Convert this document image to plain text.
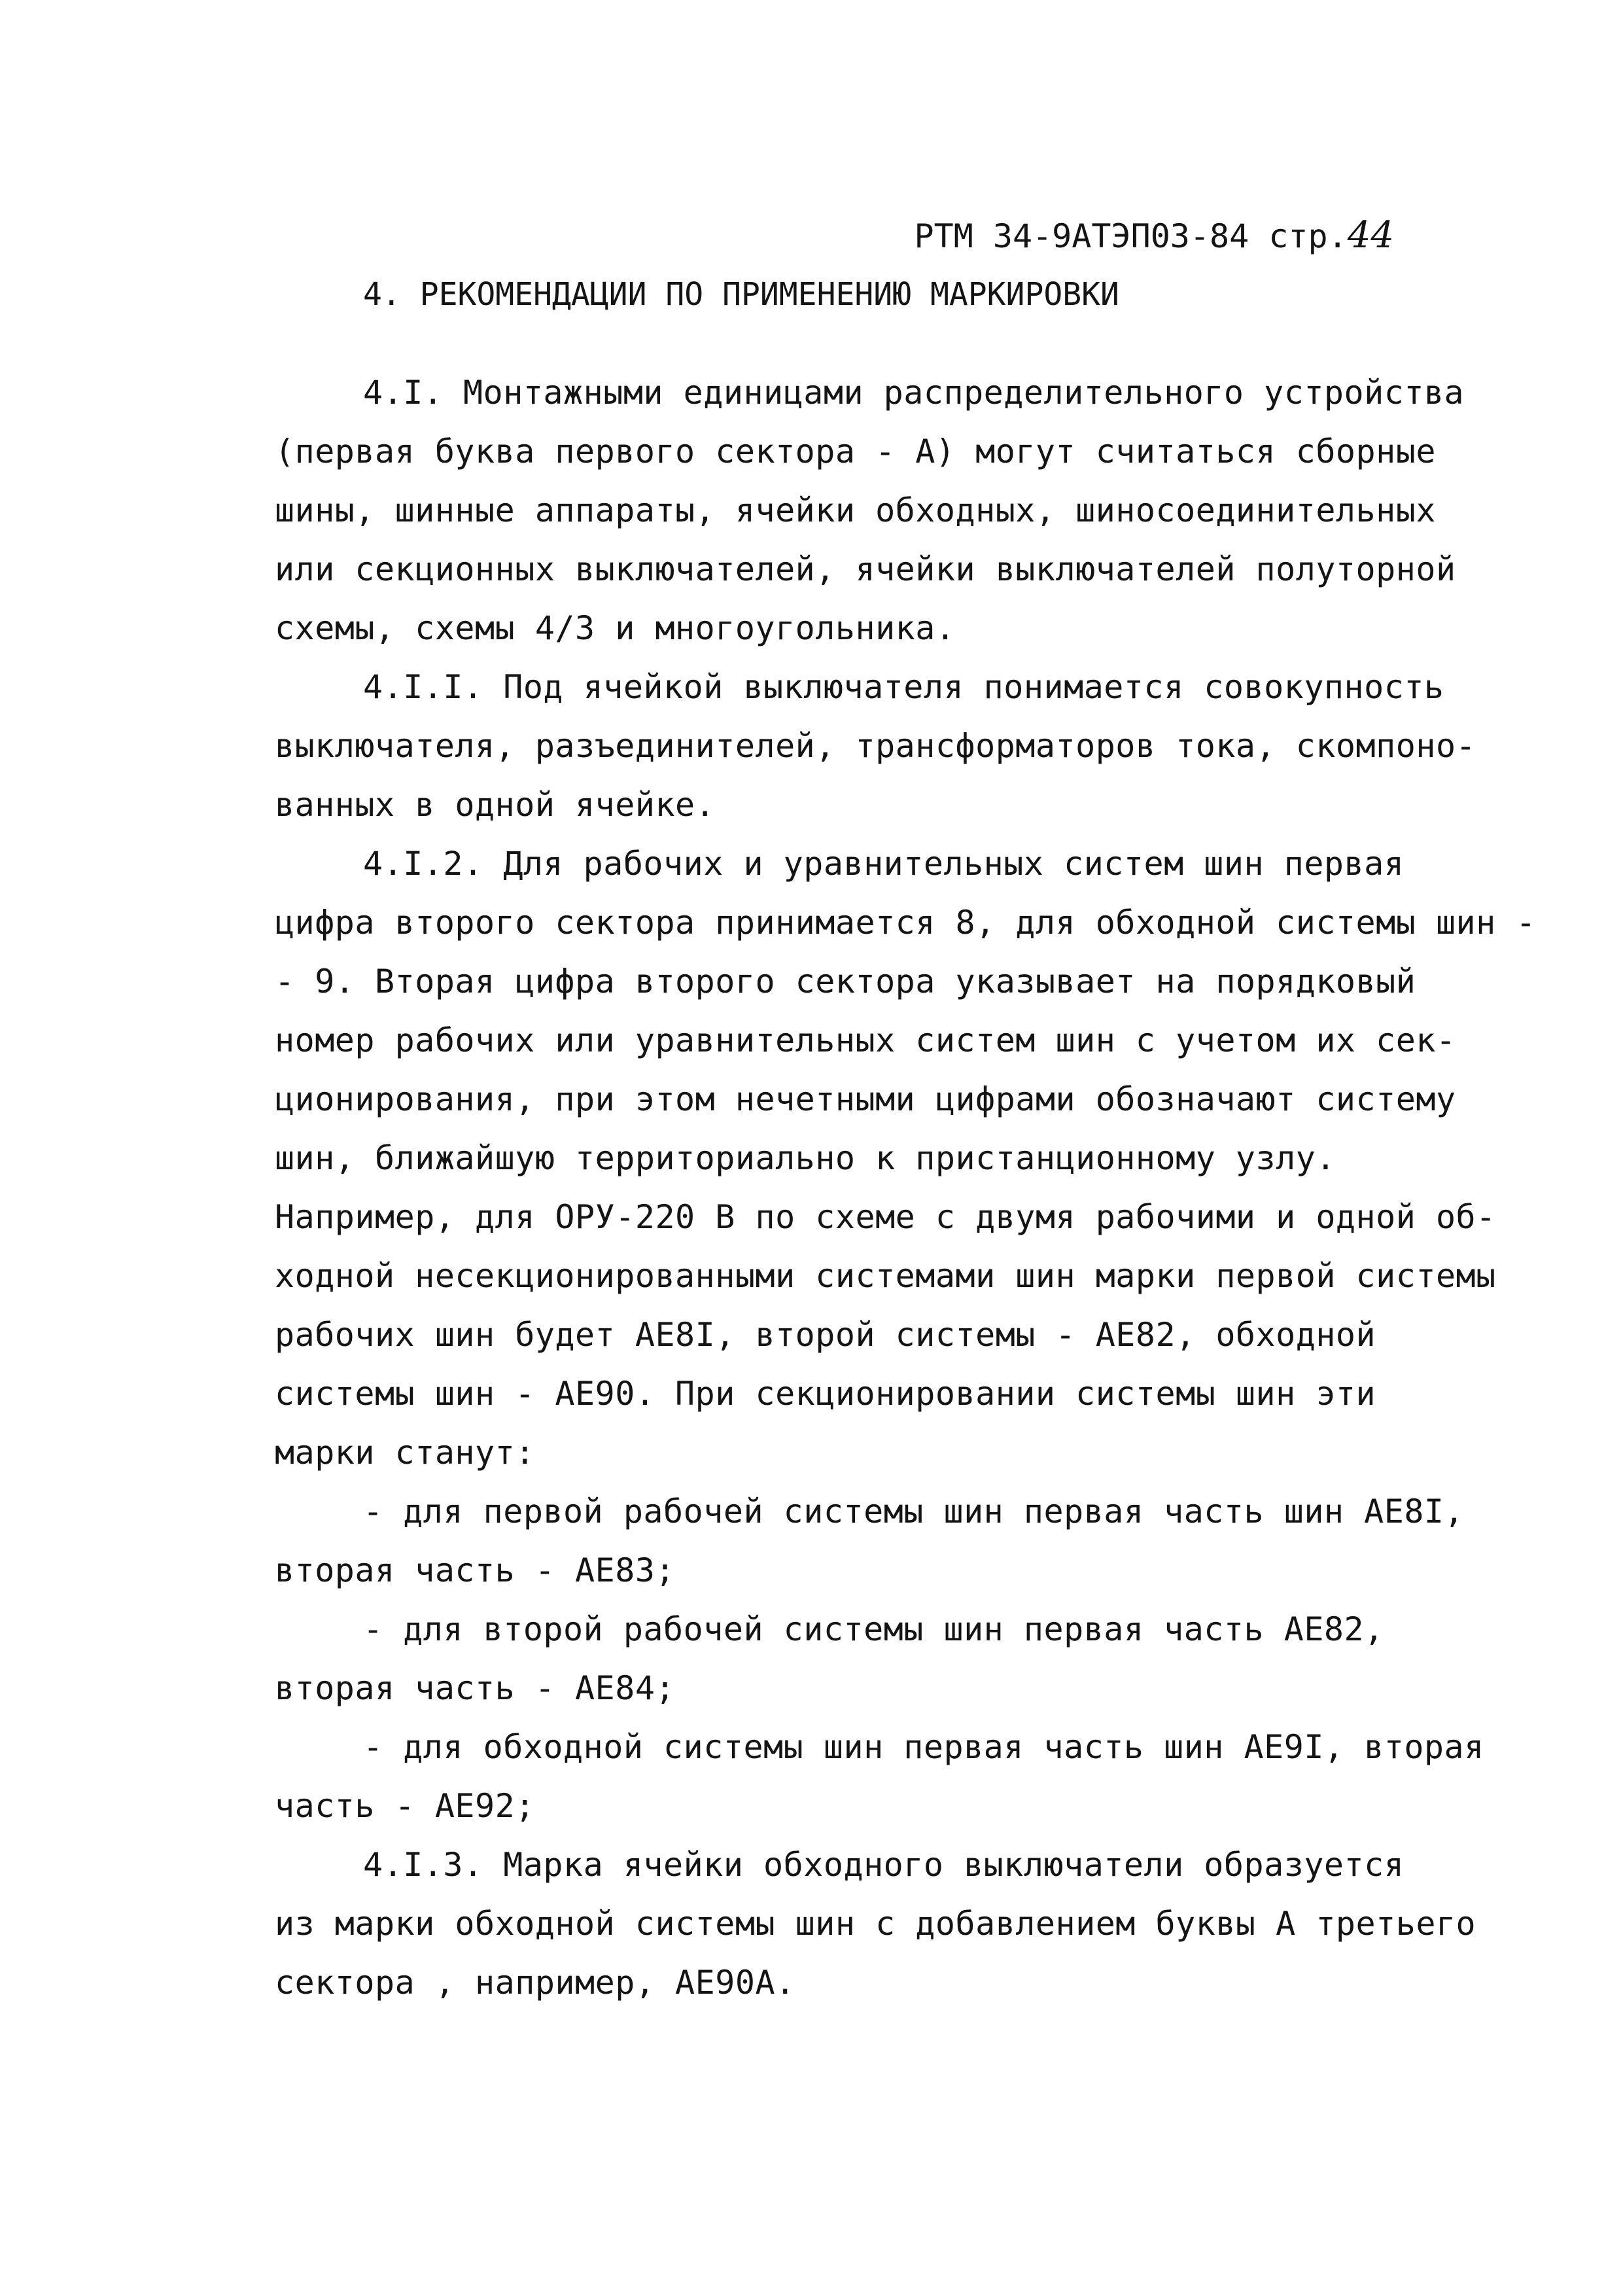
РТМ 34-9АТЭП03-84 стр.44
4. РЕКОМЕНДАЦИИ ПО ПРИМЕНЕНИЮ МАРКИРОВКИ
4.I. Монтажными единицами распределительного устройства
(первая буква первого сектора - А) могут считаться сборные
шины, шинные аппараты, ячейки обходных, шиносоединительных
или секционных выключателей, ячейки выключателей полуторной
схемы, схемы 4/3 и многоугольника.
4.I.I. Под ячейкой выключателя понимается совокупность
выключателя, разъединителей, трансформаторов тока, скомпоно-
ванных в одной ячейке.
4.I.2. Для рабочих и уравнительных систем шин первая
цифра второго сектора принимается 8, для обходной системы шин -
- 9. Вторая цифра второго сектора указывает на порядковый
номер рабочих или уравнительных систем шин с учетом их сек-
ционирования, при этом нечетными цифрами обозначают систему
шин, ближайшую территориально к пристанционному узлу.
Например, для ОРУ-220 В по схеме с двумя рабочими и одной об-
ходной несекционированными системами шин марки первой системы
рабочих шин будет АЕ8I, второй системы - АЕ82, обходной
системы шин - АЕ90. При секционировании системы шин эти
марки станут:
- для первой рабочей системы шин первая часть шин АЕ8I,
вторая часть - АЕ83;
- для второй рабочей системы шин первая часть АЕ82,
вторая часть - АЕ84;
- для обходной системы шин первая часть шин АЕ9I, вторая
часть - АЕ92;
4.I.3. Марка ячейки обходного выключатели образуется
из марки обходной системы шин с добавлением буквы А третьего
сектора , например, АЕ90А.
